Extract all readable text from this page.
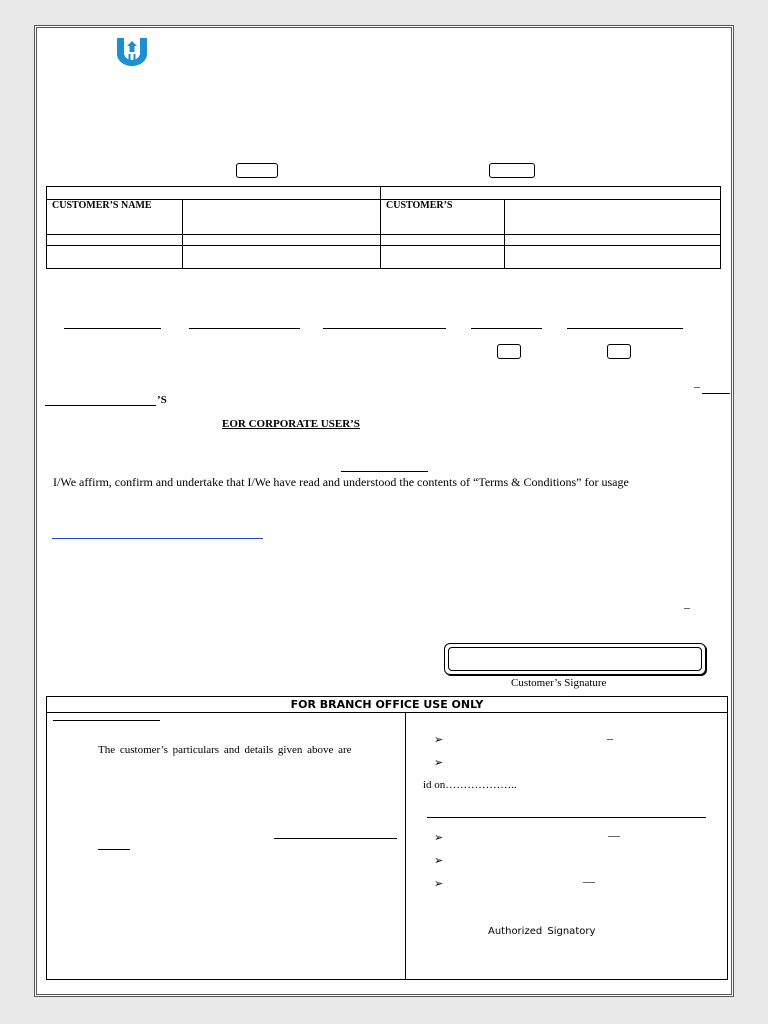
CUSTOMER’S NAME		CUSTOMER’S	

–
’S
EOR CORPORATE USER’S
I/We affirm, confirm and undertake that I/We have read and understood the contents of “Terms & Conditions” for usage
–
Customer’s Signature
FOR BRANCH OFFICE USE ONLY
The customer’s particulars and details given above are
➢	–
➢
id on………………..
➢	—
➢
➢	—
Authorized Signatory
